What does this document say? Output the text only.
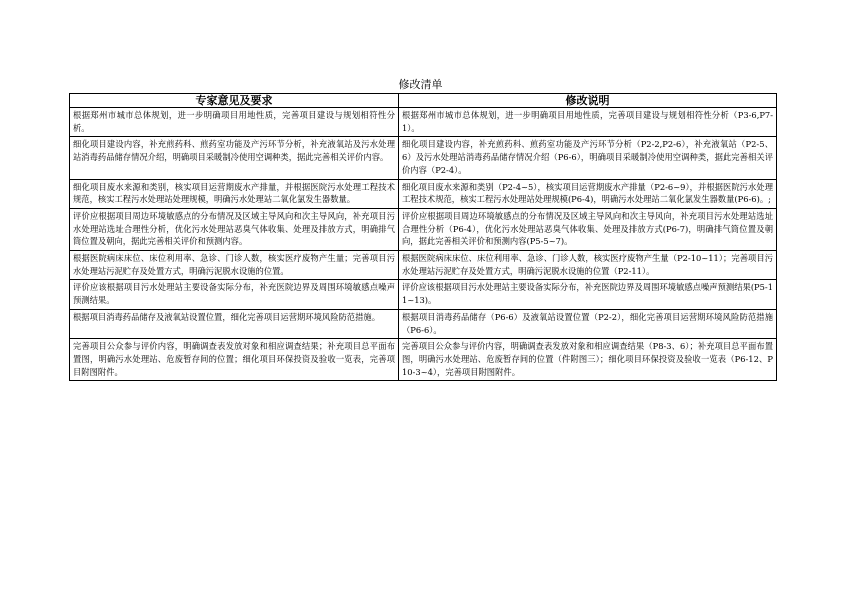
修改清单
专家意见及要求	修改说明
根据郑州市城市总体规划，进一步明确项目用地性质，完善项目建设与规划相符性分析。	根据郑州市城市总体规划，进一步明确项目用地性质，完善项目建设与规划相符性分析（P3-6,P7-1）。
细化项目建设内容，补充煎药科、煎药室功能及产污环节分析，补充液氧站及污水处理站消毒药品储存情况介绍，明确项目采暖制冷使用空调种类，据此完善相关评价内容。	细化项目建设内容，补充煎药科、煎药室功能及产污环节分析（P2-2,P2-6），补充液氧站（P2-5、6）及污水处理站消毒药品储存情况介绍（P6-6），明确项目采暖制冷使用空调种类，据此完善相关评价内容（P2-4）。
细化项目废水来源和类别，核实项目运营期废水产排量，并根据医院污水处理工程技术规范，核实工程污水处理站处理规模，明确污水处理站二氧化氯发生器数量。	细化项目废水来源和类别（P2-4~5），核实项目运营期废水产排量（P2-6~9），并根据医院污水处理工程技术规范，核实工程污水处理站处理规模(P6-4)，明确污水处理站二氧化氯发生器数量(P6-6)。;
评价应根据项目周边环境敏感点的分布情况及区域主导风向和次主导风向，补充项目污水处理站选址合理性分析，优化污水处理站恶臭气体收集、处理及排放方式，明确排气筒位置及朝向，据此完善相关评价和预测内容。	评价应根据项目周边环境敏感点的分布情况及区域主导风向和次主导风向，补充项目污水处理站选址合理性分析（P6-4），优化污水处理站恶臭气体收集、处理及排放方式(P6-7)，明确排气筒位置及朝向，据此完善相关评价和预测内容(P5-5~7)。
根据医院病床床位、床位利用率、急诊、门诊人数，核实医疗废物产生量；完善项目污水处理站污泥贮存及处置方式，明确污泥脱水设施的位置。	根据医院病床床位、床位利用率、急诊、门诊人数，核实医疗废物产生量（P2-10~11）；完善项目污水处理站污泥贮存及处置方式，明确污泥脱水设施的位置（P2-11）。
评价应该根据项目污水处理站主要设备实际分布，补充医院边界及周围环境敏感点噪声预测结果。	评价应该根据项目污水处理站主要设备实际分布，补充医院边界及周围环境敏感点噪声预测结果(P5-11~13)。
根据项目消毒药品储存及液氧站设置位置，细化完善项目运营期环境风险防范措施。	根据项目消毒药品储存（P6-6）及液氧站设置位置（P2-2），细化完善项目运营期环境风险防范措施（P6-6）。
完善项目公众参与评价内容，明确调查表发放对象和相应调查结果；补充项目总平面布置图，明确污水处理站、危废暂存间的位置；细化项目环保投资及验收一览表，完善项目附图附件。	完善项目公众参与评价内容，明确调查表发放对象和相应调查结果（P8-3、6）；补充项目总平面布置图，明确污水处理站、危废暂存间的位置（件附图三）；细化项目环保投资及验收一览表（P6-12、P10-3~4），完善项目附图附件。
